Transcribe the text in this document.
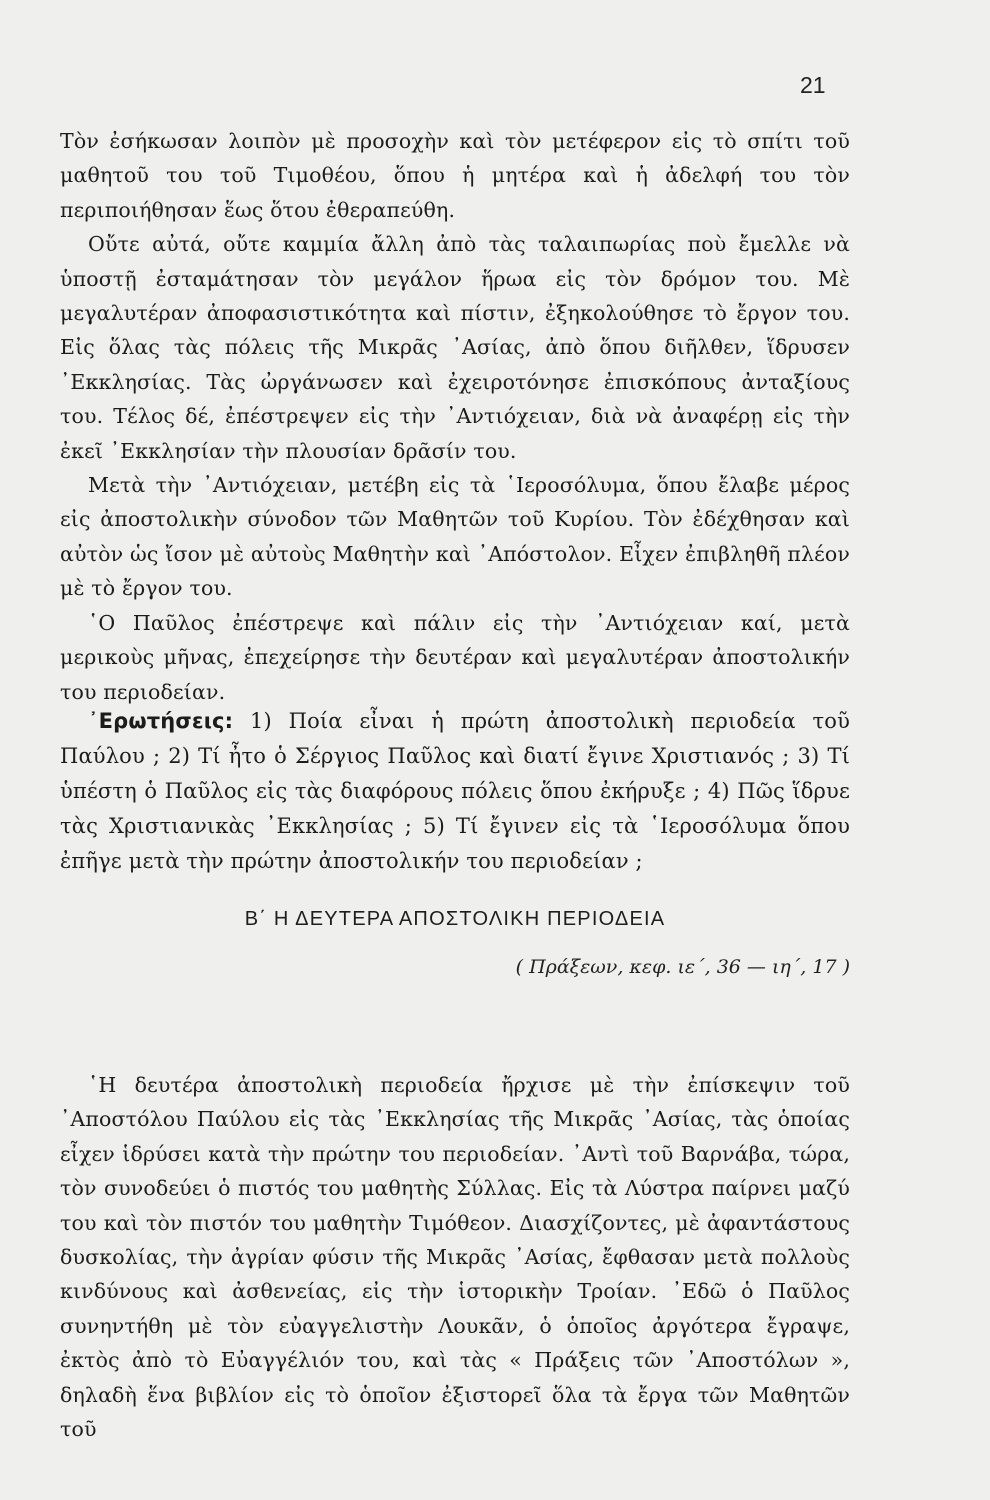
21

Τὸν ἐσήκωσαν λοιπὸν μὲ προσοχὴν καὶ τὸν μετέφερον εἰς τὸ σπίτι τοῦ μαθητοῦ του τοῦ Τιμοθέου, ὅπου ἡ μητέρα καὶ ἡ ἀδελφή του τὸν περιποιήθησαν ἕως ὅτου ἐθεραπεύθη.

Οὔτε αὐτά, οὔτε καμμία ἄλλη ἀπὸ τὰς ταλαιπωρίας ποὺ ἔμελλε νὰ ὑποστῇ ἐσταμάτησαν τὸν μεγάλον ἥρωα εἰς τὸν δρόμον του. Μὲ μεγαλυτέραν ἀποφασιστικότητα καὶ πίστιν, ἐξηκολούθησε τὸ ἔργον του. Εἰς ὅλας τὰς πόλεις τῆς Μικρᾶς ᾽Ασίας, ἀπὸ ὅπου διῆλθεν, ἵδρυσεν ᾽Εκκλησίας. Τὰς ὠργάνωσεν καὶ ἐχειροτόνησε ἐπισκόπους ἀνταξίους του. Τέλος δέ, ἐπέστρεψεν εἰς τὴν ᾽Αντιόχειαν, διὰ νὰ ἀναφέρῃ εἰς τὴν ἐκεῖ ᾽Εκκλησίαν τὴν πλουσίαν δρᾶσίν του.

Μετὰ τὴν ᾽Αντιόχειαν, μετέβη εἰς τὰ ῾Ιεροσόλυμα, ὅπου ἔλαβε μέρος εἰς ἀποστολικὴν σύνοδον τῶν Μαθητῶν τοῦ Κυρίου. Τὸν ἐδέχθησαν καὶ αὐτὸν ὡς ἴσον μὲ αὐτοὺς Μαθητὴν καὶ ᾽Απόστολον. Εἶχεν ἐπιβληθῆ πλέον μὲ τὸ ἔργον του.

῾Ο Παῦλος ἐπέστρεψε καὶ πάλιν εἰς τὴν ᾽Αντιόχειαν καί, μετὰ μερικοὺς μῆνας, ἐπεχείρησε τὴν δευτέραν καὶ μεγαλυτέραν ἀποστολικήν του περιοδείαν.

᾽Ερωτήσεις: 1) Ποία εἶναι ἡ πρώτη ἀποστολικὴ περιοδεία τοῦ Παύλου ; 2) Τί ἦτο ὁ Σέργιος Παῦλος καὶ διατί ἔγινε Χριστιανός ; 3) Τί ὑπέστη ὁ Παῦλος εἰς τὰς διαφόρους πόλεις ὅπου ἐκήρυξε ; 4) Πῶς ἵδρυε τὰς Χριστιανικὰς ᾽Εκκλησίας ; 5) Τί ἔγινεν εἰς τὰ ῾Ιεροσόλυμα ὅπου ἐπῆγε μετὰ τὴν πρώτην ἀποστολικήν του περιοδείαν ;

Β΄ Η ΔΕΥΤΕΡΑ ΑΠΟΣΤΟΛΙΚΗ ΠΕΡΙΟΔΕΙΑ
( Πράξεων, κεφ. ιε΄, 36 — ιη΄, 17 )

῾Η δευτέρα ἀποστολικὴ περιοδεία ἤρχισε μὲ τὴν ἐπίσκεψιν τοῦ ᾽Αποστόλου Παύλου εἰς τὰς ᾽Εκκλησίας τῆς Μικρᾶς ᾽Ασίας, τὰς ὁποίας εἶχεν ἱδρύσει κατὰ τὴν πρώτην του περιοδείαν. ᾽Αντὶ τοῦ Βαρνάβα, τώρα, τὸν συνοδεύει ὁ πιστός του μαθητὴς Σύλλας. Εἰς τὰ Λύστρα παίρνει μαζύ του καὶ τὸν πιστόν του μαθητὴν Τιμόθεον. Διασχίζοντες, μὲ ἀφαντάστους δυσκολίας, τὴν ἀγρίαν φύσιν τῆς Μικρᾶς ᾽Ασίας, ἔφθασαν μετὰ πολλοὺς κινδύνους καὶ ἀσθενείας, εἰς τὴν ἱστορικὴν Τροίαν. ᾽Εδῶ ὁ Παῦλος συνηντήθη μὲ τὸν εὐαγγελιστὴν Λουκᾶν, ὁ ὁποῖος ἀργότερα ἔγραψε, ἐκτὸς ἀπὸ τὸ Εὐαγγέλιόν του, καὶ τὰς « Πράξεις τῶν ᾽Αποστόλων », δηλαδὴ ἕνα βιβλίον εἰς τὸ ὁποῖον ἐξιστορεῖ ὅλα τὰ ἔργα τῶν Μαθητῶν τοῦ
